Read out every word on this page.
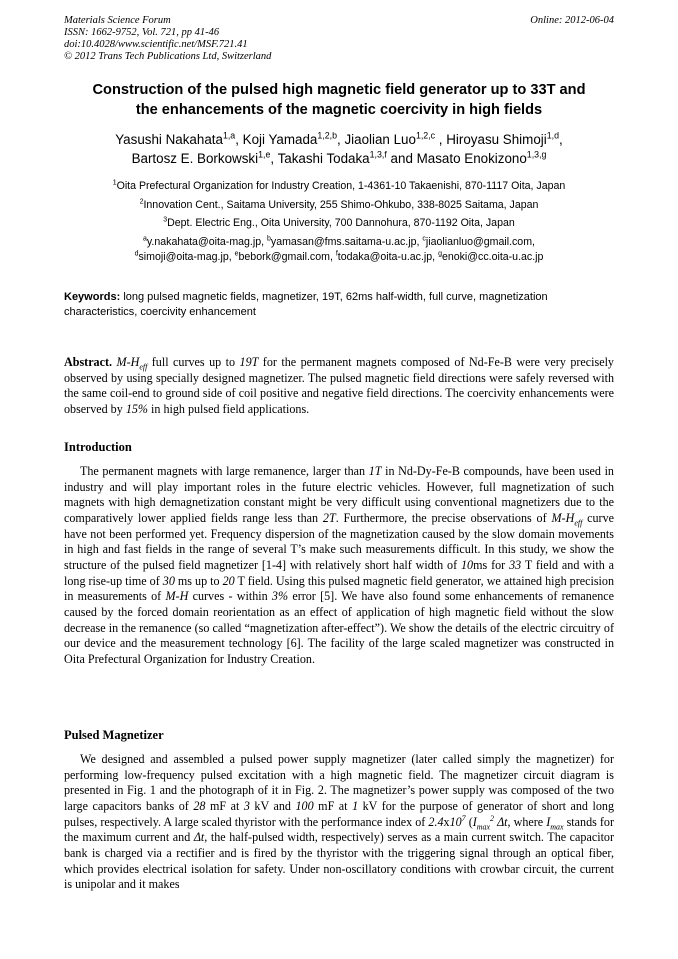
Materials Science Forum
ISSN: 1662-9752, Vol. 721, pp 41-46
doi:10.4028/www.scientific.net/MSF.721.41
© 2012 Trans Tech Publications Ltd, Switzerland
Online: 2012-06-04
Construction of the pulsed high magnetic field generator up to 33T and
the enhancements of the magnetic coercivity in high fields
Yasushi Nakahata$^{1,a}$, Koji Yamada$^{1,2,b}$, Jiaolian Luo$^{1,2,c}$ , Hiroyasu Shimoji$^{1,d}$,
Bartosz E. Borkowski$^{1,e}$, Takashi Todaka$^{1,3,f}$ and Masato Enokizono$^{1,3,g}$
$^1$Oita Prefectural Organization for Industry Creation, 1-4361-10 Takaenishi, 870-1117 Oita, Japan
$^2$Innovation Cent., Saitama University, 255 Shimo-Ohkubo, 338-8025 Saitama, Japan
$^3$Dept. Electric Eng., Oita University, 700 Dannohura, 870-1192 Oita, Japan
$^a$y.nakahata@oita-mag.jp, $^b$yamasan@fms.saitama-u.ac.jp, $^c$jiaolianluo@gmail.com,
$^d$simoji@oita-mag.jp, $^e$bebork@gmail.com, $^f$todaka@oita-u.ac.jp, $^g$enoki@cc.oita-u.ac.jp
Keywords: long pulsed magnetic fields, magnetizer, 19T, 62ms half-width, full curve, magnetization characteristics, coercivity enhancement

Abstract. $M-H_{eff}$ full curves up to 19T for the permanent magnets composed of Nd-Fe-B were very precisely observed by using specially designed magnetizer. The pulsed magnetic field directions were safely reversed with the same coil-end to ground side of coil positive and negative field directions. The coercivity enhancements were observed by 15% in high pulsed field applications.

Introduction

The permanent magnets with large remanence, larger than 1T in Nd-Dy-Fe-B compounds, have been used in industry and will play important roles in the future electric vehicles. However, full magnetization of such magnets with high demagnetization constant might be very difficult using conventional magnetizers due to the comparatively lower applied fields range less than 2T. Furthermore, the precise observations of $M-H_{eff}$ curve have not been performed yet. Frequency dispersion of the magnetization caused by the slow domain movements in high and fast fields in the range of several T’s make such measurements difficult. In this study, we show the structure of the pulsed field magnetizer [1-4] with relatively short half width of 10ms for 33 T field and with a long rise-up time of 30 ms up to 20 T field. Using this pulsed magnetic field generator, we attained high precision in measurements of M-H curves - within 3% error [5]. We have also found some enhancements of remanence caused by the forced domain reorientation as an effect of application of high magnetic field without the slow decrease in the remanence (so called “magnetization after-effect”). We show the details of the electric circuitry of our device and the measurement technology [6]. The facility of the large scaled magnetizer was constructed in Oita Prefectural Organization for Industry Creation.

Pulsed Magnetizer

We designed and assembled a pulsed power supply magnetizer (later called simply the magnetizer) for performing low-frequency pulsed excitation with a high magnetic field. The magnetizer circuit diagram is presented in Fig. 1 and the photograph of it in Fig. 2. The magnetizer’s power supply was composed of the two large capacitors banks of 28 mF at 3 kV and 100 mF at 1 kV for the purpose of generator of short and long pulses, respectively. A large scaled thyristor with the performance index of $2.4x10^7$ ($I_{max}^2$ Δt, where $I_{max}$ stands for the maximum current and Δt, the half-pulsed width, respectively) serves as a main current switch. The capacitor bank is charged via a rectifier and is fired by the thyristor with the triggering signal through an optical fiber, which provides electrical isolation for safety. Under non-oscillatory conditions with crowbar circuit, the current is unipolar and it makes
